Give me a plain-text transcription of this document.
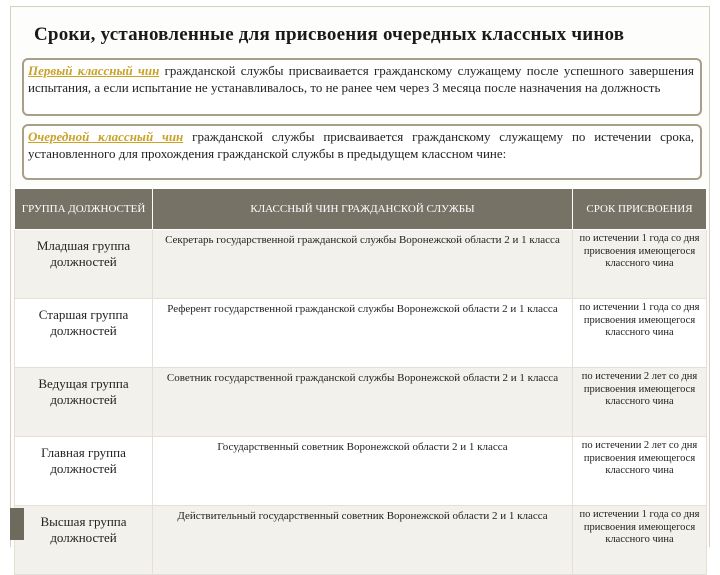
Сроки, установленные для присвоения очередных классных чинов
Первый классный чин гражданской службы присваивается гражданскому служащему после успешного завершения испытания, а если испытание не устанавливалось, то не ранее чем через 3 месяца после назначения на должность
Очередной классный чин гражданской службы присваивается гражданскому служащему по истечении срока, установленного для прохождения гражданской службы в предыдущем классном чине:
ГРУППА ДОЛЖНОСТЕЙ	КЛАССНЫЙ ЧИН ГРАЖДАНСКОЙ СЛУЖБЫ	СРОК ПРИСВОЕНИЯ
Младшая группа должностей	Секретарь государственной гражданской службы Воронежской области 2 и 1 класса	по истечении 1 года со дня присвоения имеющегося классного чина
Старшая группа должностей	Референт государственной гражданской службы Воронежской области 2 и 1 класса	по истечении 1 года со дня присвоения имеющегося классного чина
Ведущая группа должностей	Советник государственной гражданской службы Воронежской области 2 и 1 класса	по истечении 2 лет со дня присвоения имеющегося классного чина
Главная группа должностей	Государственный советник Воронежской области 2 и 1 класса	по истечении 2 лет со дня присвоения имеющегося классного чина
Высшая группа должностей	Действительный государственный советник Воронежской области 2 и 1 класса	по истечении 1 года со дня присвоения имеющегося классного чина
